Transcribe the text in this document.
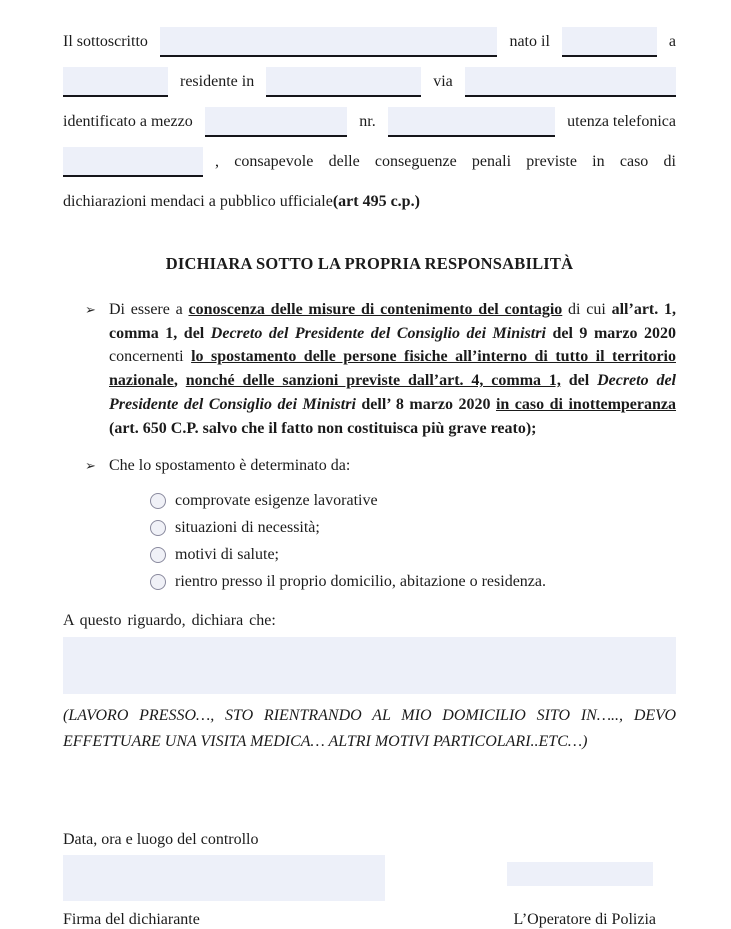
Il sottoscritto	nato il	a
residente in	via
identificato a mezzo	nr.	utenza telefonica
, consapevole delle conseguenze penali previste in caso di
dichiarazioni mendaci a pubblico ufficiale (art 495 c.p.)
DICHIARA SOTTO LA PROPRIA RESPONSABILITÀ
➢ Di essere a conoscenza delle misure di contenimento del contagio di cui all’art. 1, comma 1, del Decreto del Presidente del Consiglio dei Ministri del 9 marzo 2020 concernenti lo spostamento delle persone fisiche all’interno di tutto il territorio nazionale, nonché delle sanzioni previste dall’art. 4, comma 1, del Decreto del Presidente del Consiglio dei Ministri dell’ 8 marzo 2020 in caso di inottemperanza (art. 650 C.P. salvo che il fatto non costituisca più grave reato);

➢ Che lo spostamento è determinato da:
comprovate esigenze lavorative
situazioni di necessità;
motivi di salute;
rientro presso il proprio domicilio, abitazione o residenza.
A questo riguardo, dichiara che:
(LAVORO PRESSO…, STO RIENTRANDO AL MIO DOMICILIO SITO IN….., DEVO
EFFETTUARE UNA VISITA MEDICA… ALTRI MOTIVI PARTICOLARI..ETC…)
Data, ora e luogo del controllo
Firma del dichiarante	L’Operatore di Polizia
